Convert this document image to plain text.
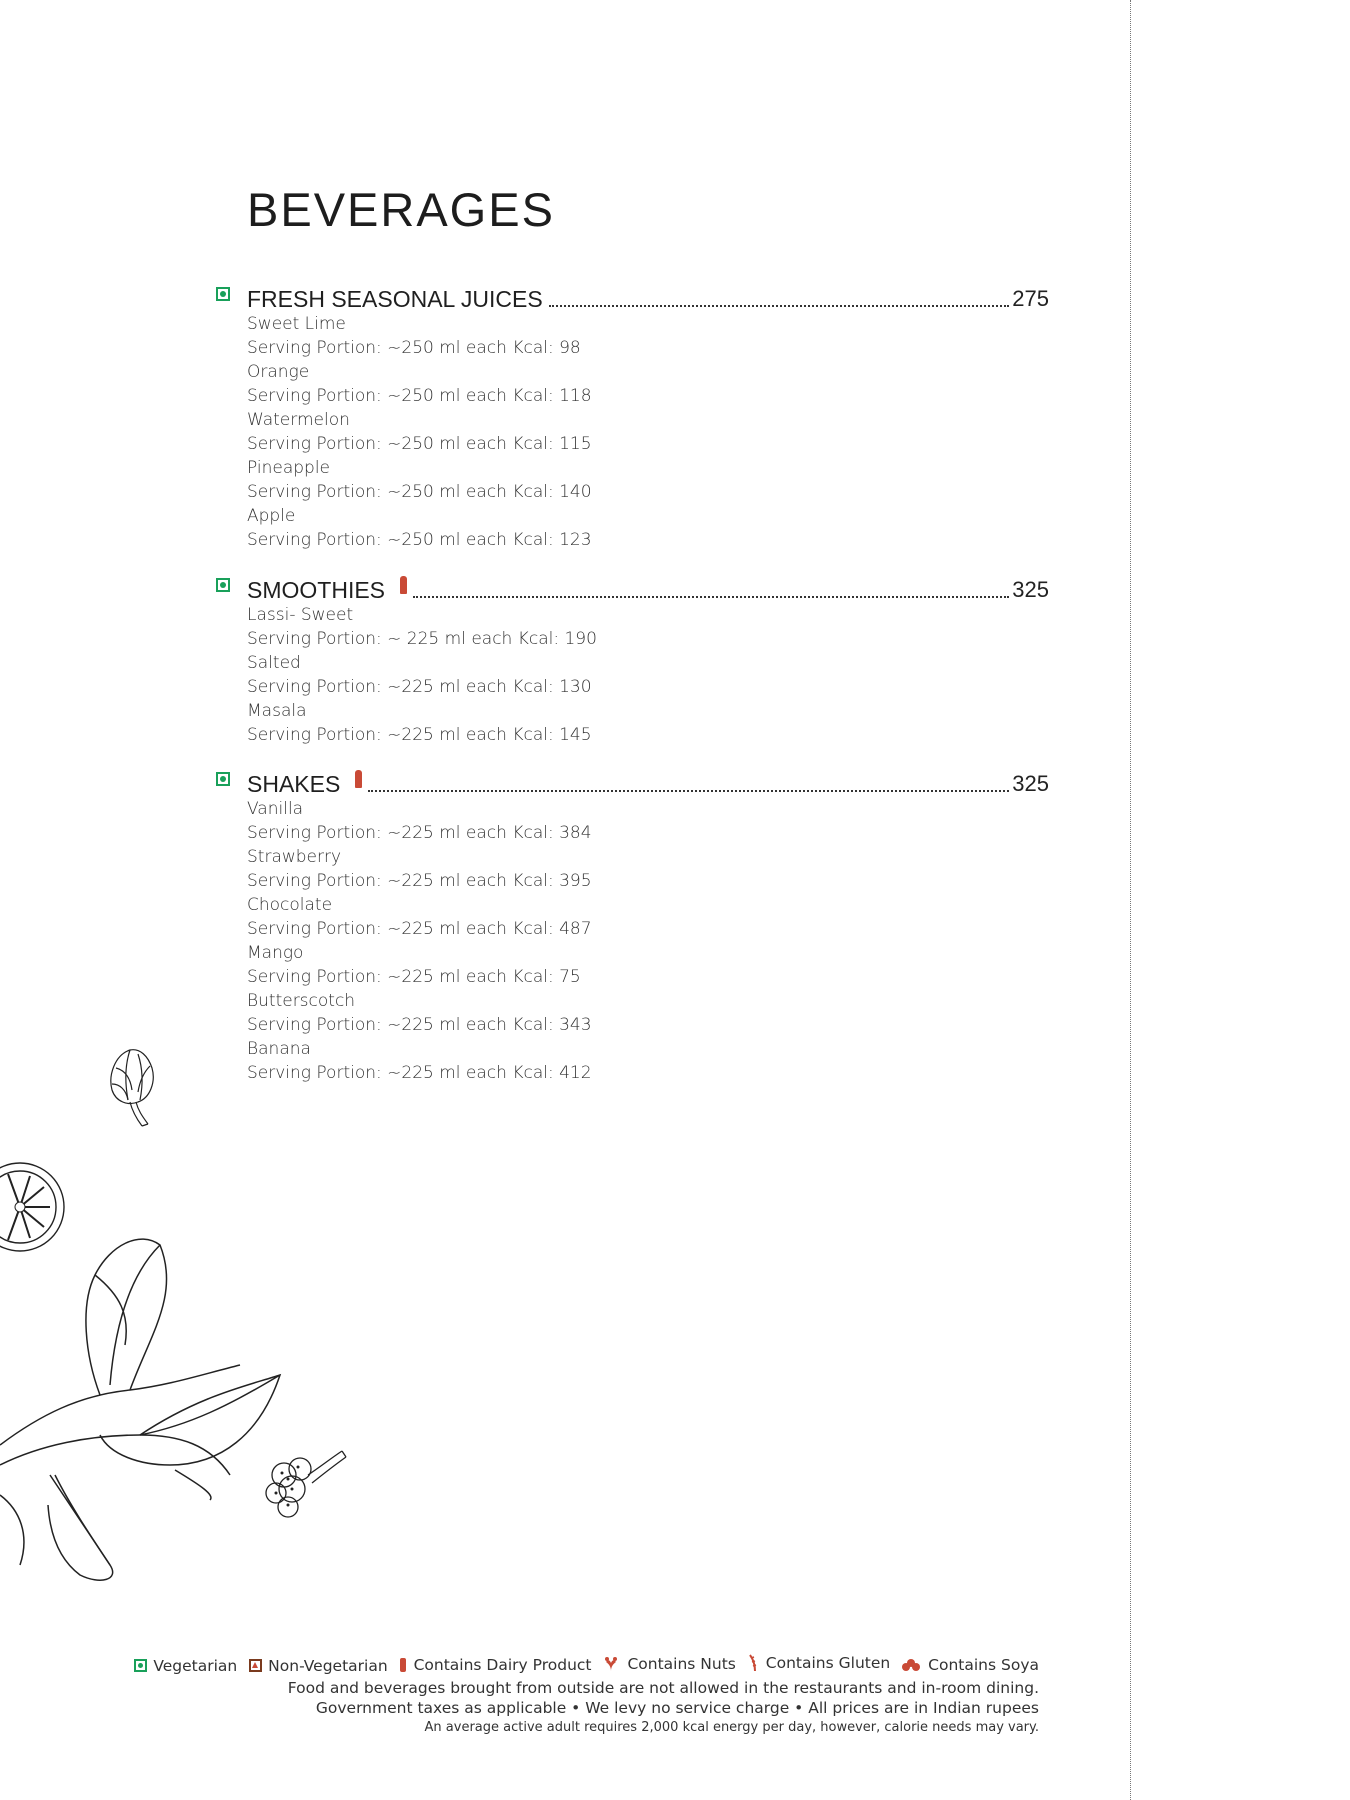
BEVERAGES
FRESH SEASONAL JUICES	275
Sweet Lime
Serving Portion: ~250 ml each Kcal: 98
Orange
Serving Portion: ~250 ml each Kcal: 118
Watermelon
Serving Portion: ~250 ml each Kcal: 115
Pineapple
Serving Portion: ~250 ml each Kcal: 140
Apple
Serving Portion: ~250 ml each Kcal: 123
SMOOTHIES	325
Lassi- Sweet
Serving Portion: ~ 225 ml each Kcal: 190
Salted
Serving Portion: ~225 ml each Kcal: 130
Masala
Serving Portion: ~225 ml each Kcal: 145
SHAKES	325
Vanilla
Serving Portion: ~225 ml each Kcal: 384
Strawberry
Serving Portion: ~225 ml each Kcal: 395
Chocolate
Serving Portion: ~225 ml each Kcal: 487
Mango
Serving Portion: ~225 ml each Kcal: 75
Butterscotch
Serving Portion: ~225 ml each Kcal: 343
Banana
Serving Portion: ~225 ml each Kcal: 412
Vegetarian
Non-Vegetarian
Contains Dairy Product
Contains Nuts
Contains Gluten
Contains Soya
Food and beverages brought from outside are not allowed in the restaurants and in-room dining.
Government taxes as applicable • We levy no service charge • All prices are in Indian rupees
An average active adult requires 2,000 kcal energy per day, however, calorie needs may vary.
